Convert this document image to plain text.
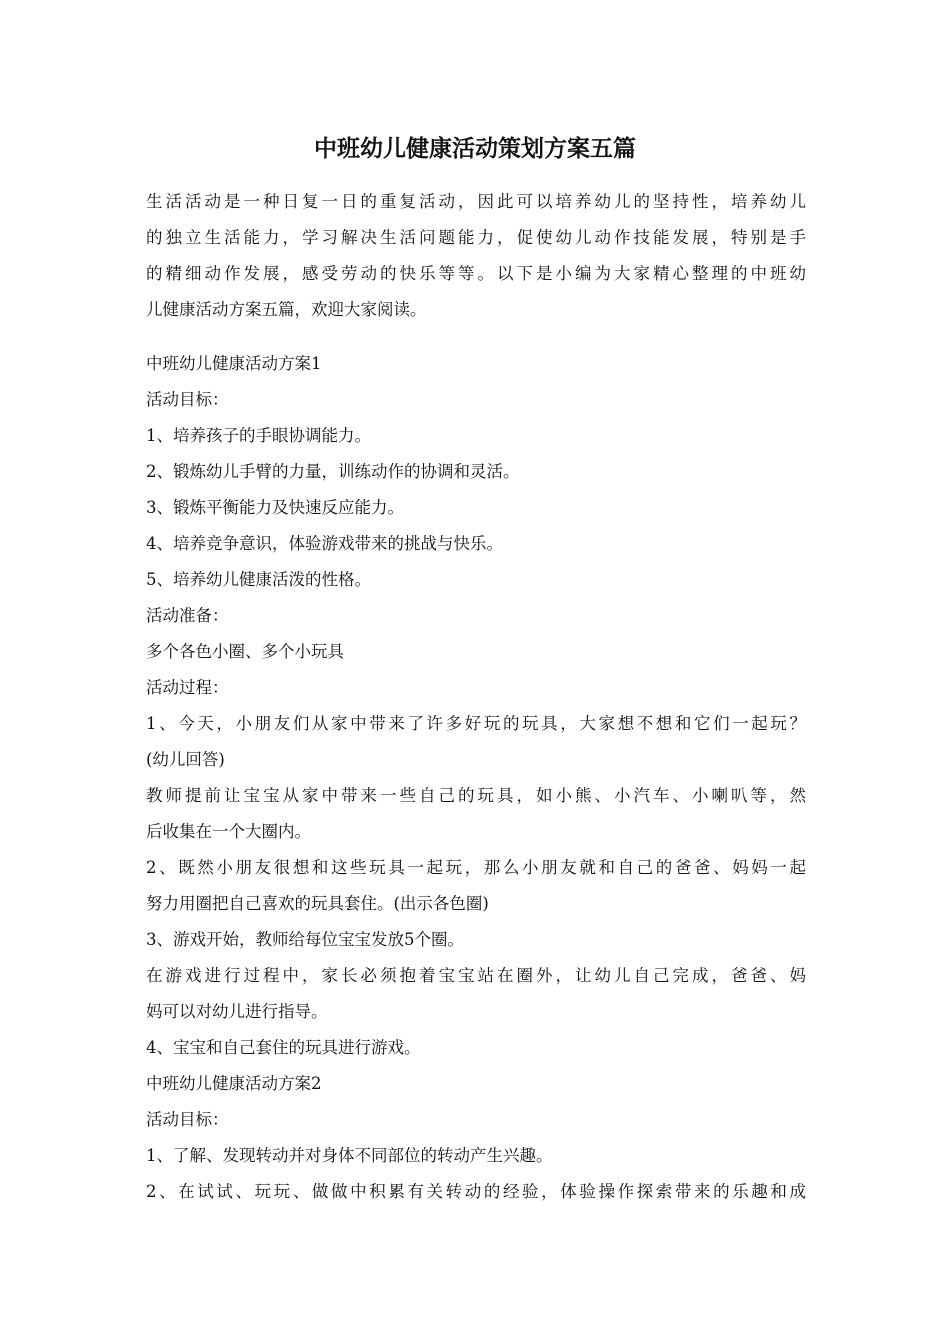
中班幼儿健康活动策划方案五篇
生活活动是一种日复一日的重复活动，因此可以培养幼儿的坚持性，培养幼儿
的独立生活能力，学习解决生活问题能力，促使幼儿动作技能发展，特别是手
的精细动作发展，感受劳动的快乐等等。以下是小编为大家精心整理的中班幼
儿健康活动方案五篇，欢迎大家阅读。
中班幼儿健康活动方案1
活动目标：
1、培养孩子的手眼协调能力。
2、锻炼幼儿手臂的力量，训练动作的协调和灵活。
3、锻炼平衡能力及快速反应能力。
4、培养竞争意识，体验游戏带来的挑战与快乐。
5、培养幼儿健康活泼的性格。
活动准备：
多个各色小圈、多个小玩具
活动过程：
1、今天，小朋友们从家中带来了许多好玩的玩具，大家想不想和它们一起玩？
(幼儿回答)
教师提前让宝宝从家中带来一些自己的玩具，如小熊、小汽车、小喇叭等，然
后收集在一个大圈内。
2、既然小朋友很想和这些玩具一起玩，那么小朋友就和自己的爸爸、妈妈一起
努力用圈把自己喜欢的玩具套住。(出示各色圈)
3、游戏开始，教师给每位宝宝发放5个圈。
在游戏进行过程中，家长必须抱着宝宝站在圈外，让幼儿自己完成，爸爸、妈
妈可以对幼儿进行指导。
4、宝宝和自己套住的玩具进行游戏。
中班幼儿健康活动方案2
活动目标：
1、了解、发现转动并对身体不同部位的转动产生兴趣。
2、在试试、玩玩、做做中积累有关转动的经验，体验操作探索带来的乐趣和成
